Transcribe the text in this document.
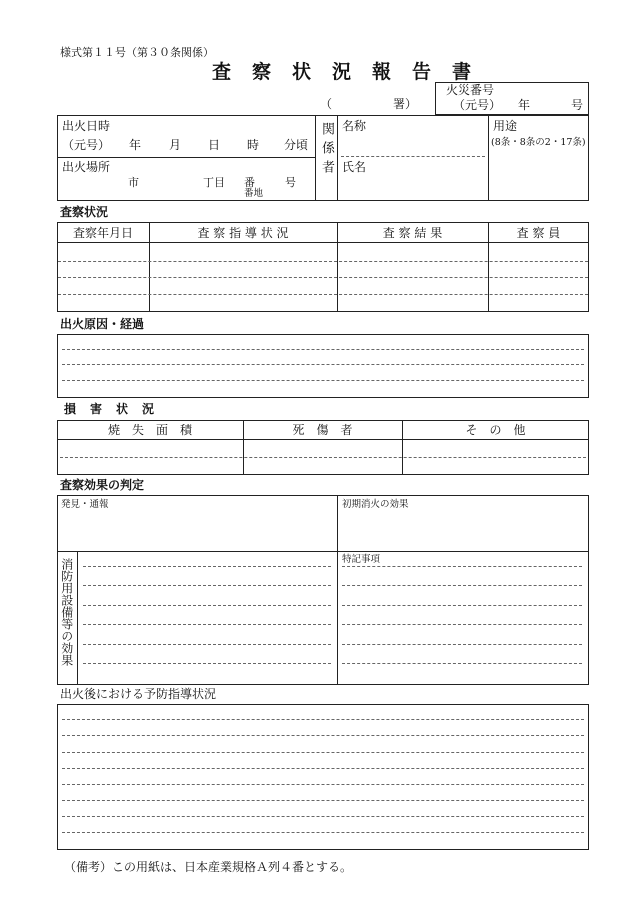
様式第１１号（第３０条関係）
査　察　状　況　報　告　書
（	署）
火災番号
（元号） 年	号
出火日時
（元号） 年 月 日 時 分頃
出火場所
市	丁目 番
番地
号
関係者 名称
氏名
用途
(8条・8条の2・17条)
査察状況
査察年月日	査 察 指 導 状 況	査 察 結 果	査 察 員
出火原因・経過
損　害　状　況
焼　失　面　積	死　傷　者	そ　の　他
査察効果の判定
発見・通報	初期消火の効果
特記事項
消防用設備等の効果
出火後における予防指導状況
（備考）この用紙は、日本産業規格Ａ列４番とする。
